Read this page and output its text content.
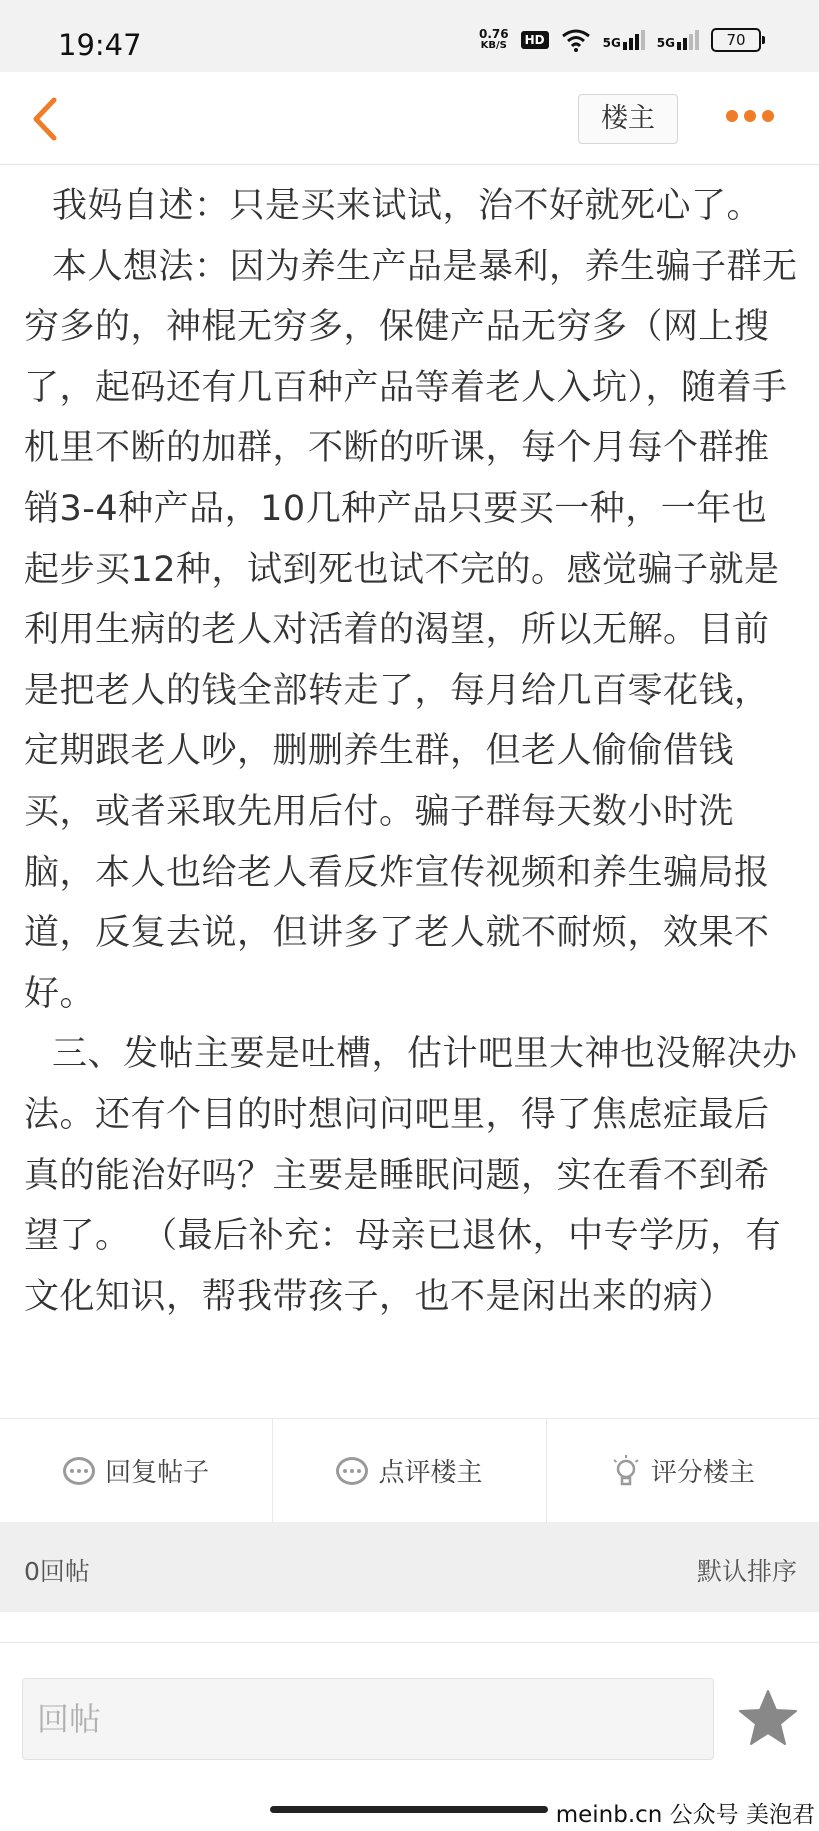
19:47	0.76
KB/S	HD	5G	5G	70
楼主

我妈自述：只是买来试试，治不好就死心了。

本人想法：因为养生产品是暴利，养生骗子群无穷多的，神棍无穷多，保健产品无穷多（网上搜了，起码还有几百种产品等着老人入坑），随着手机里不断的加群，不断的听课，每个月每个群推销3-4种产品，10几种产品只要买一种，一年也起步买12种，试到死也试不完的。感觉骗子就是利用生病的老人对活着的渴望，所以无解。目前是把老人的钱全部转走了，每月给几百零花钱，定期跟老人吵，删删养生群，但老人偷偷借钱买，或者采取先用后付。骗子群每天数小时洗脑，本人也给老人看反炸宣传视频和养生骗局报道，反复去说，但讲多了老人就不耐烦，效果不好。

三、发帖主要是吐槽，估计吧里大神也没解决办法。还有个目的时想问问吧里，得了焦虑症最后真的能治好吗？主要是睡眠问题，实在看不到希望了。 （最后补充：母亲已退休，中专学历，有文化知识，帮我带孩子，也不是闲出来的病）

回复帖子	点评楼主	评分楼主
0回帖	默认排序
回帖
meinb.cn 公众号 美泡君
